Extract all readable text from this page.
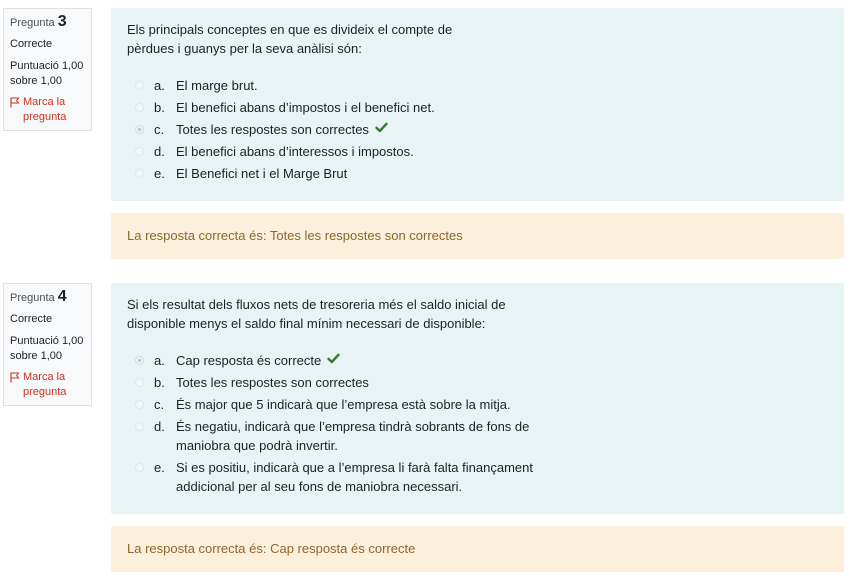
Pregunta 3
Correcte
Puntuació 1,00 sobre 1,00
Marca la pregunta
Els principals conceptes en que es divideix el compte de pèrdues i guanys per la seva anàlisi són:
a. El marge brut.
b. El benefici abans d’impostos i el benefici net.
c. Totes les respostes son correctes
d. El benefici abans d’interessos i impostos.
e. El Benefici net i el Marge Brut
La resposta correcta és: Totes les respostes son correctes
Pregunta 4
Correcte
Puntuació 1,00 sobre 1,00
Marca la pregunta
Si els resultat dels fluxos nets de tresoreria més el saldo inicial de disponible menys el saldo final mínim necessari de disponible:
a. Cap resposta és correcte
b. Totes les respostes son correctes
c. És major que 5 indicarà que l’empresa està sobre la mitja.
d. És negatiu, indicarà que l’empresa tindrà sobrants de fons de maniobra que podrà invertir.
e. Si es positiu, indicarà que a l’empresa li farà falta finançament addicional per al seu fons de maniobra necessari.
La resposta correcta és: Cap resposta és correcte
